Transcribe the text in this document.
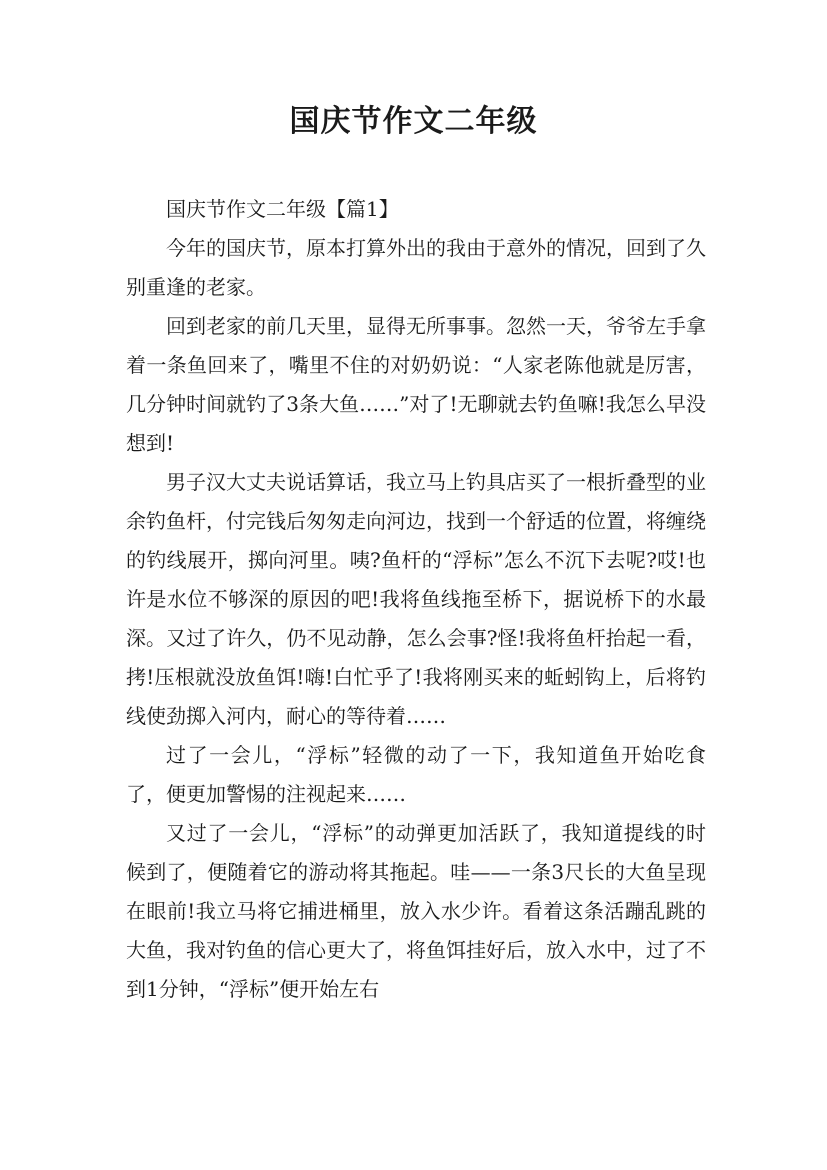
国庆节作文二年级

国庆节作文二年级【篇1】

今年的国庆节，原本打算外出的我由于意外的情况，回到了久别重逢的老家。

回到老家的前几天里，显得无所事事。忽然一天，爷爷左手拿着一条鱼回来了，嘴里不住的对奶奶说：“人家老陈他就是厉害，几分钟时间就钓了3条大鱼……”对了!无聊就去钓鱼嘛!我怎么早没想到!

男子汉大丈夫说话算话，我立马上钓具店买了一根折叠型的业余钓鱼杆，付完钱后匆匆走向河边，找到一个舒适的位置，将缠绕的钓线展开，掷向河里。咦?鱼杆的“浮标”怎么不沉下去呢?哎!也许是水位不够深的原因的吧!我将鱼线拖至桥下，据说桥下的水最深。又过了许久，仍不见动静，怎么会事?怪!我将鱼杆抬起一看，拷!压根就没放鱼饵!嗨!白忙乎了!我将刚买来的蚯蚓钩上，后将钓线使劲掷入河内，耐心的等待着……

过了一会儿，“浮标”轻微的动了一下，我知道鱼开始吃食了，便更加警惕的注视起来……

又过了一会儿，“浮标”的动弹更加活跃了，我知道提线的时候到了，便随着它的游动将其拖起。哇——一条3尺长的大鱼呈现在眼前!我立马将它捕进桶里，放入水少许。看着这条活蹦乱跳的大鱼，我对钓鱼的信心更大了，将鱼饵挂好后，放入水中，过了不到1分钟，“浮标”便开始左右
